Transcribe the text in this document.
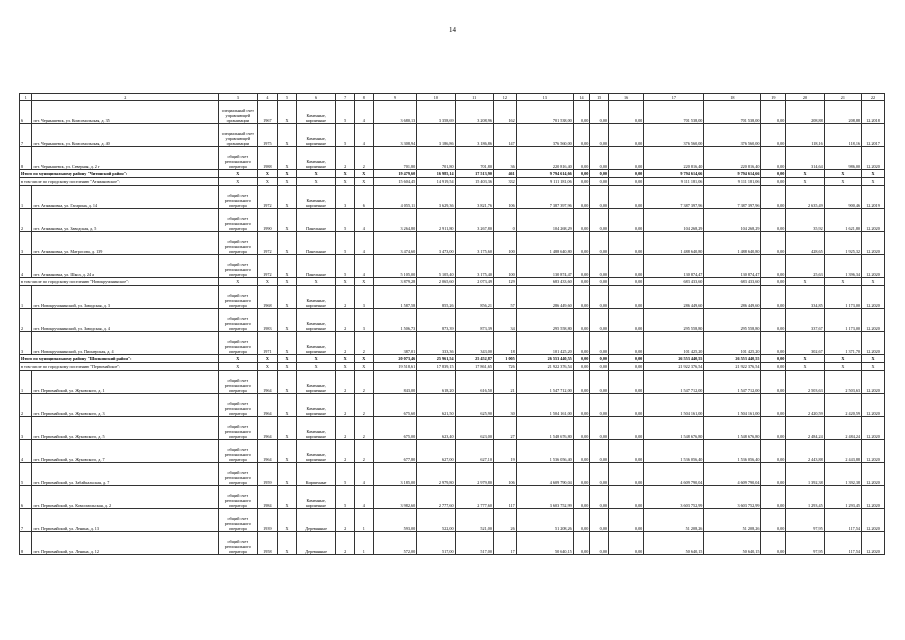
14
1	2	3	4	5	6	7	8	9	10	11	12	13	14	15	16	17	18	19	20	21	22
6	пгт. Чернышевск, ул. Комсомольская, д. 35	специальный счет управляющей организации	1967	Х	Каменные, кирпичные	5	4	3 680,13	3 358,69	3 208,96	162	701 538,00	0,00	0,00	0,00	701 538,00	701 538,00	0,00	208,88	208,88	12.2018
7	пгт. Чернышевск, ул. Комсомольская, д. 40	специальный счет управляющей организации	1975	Х	Каменные, кирпичные	5	4	3 308,94	3 186,86	3 186,86	147	376 560,00	0,00	0,00	0,00	376 560,00	376 560,00	0,00	118,16	118,16	12.2017
8	пгт. Чернышевск, ул. Северная, д. 2 г	общий счет регионального оператора	1988	Х	Каменные, кирпичные	2	2	701,80	701,80	701,80	36	220 816,40	0,00	0,00	0,00	220 816,40	220 816,40	0,00	314,64	986,00	12.2020
Итого по муниципальному району "Читинский район":		Х	Х	Х	Х	Х	Х	19 479,60	16 985,14	17 513,90	461	9 794 614,66	0,00	0,00	0,00	9 794 614,66	9 794 614,66	0,00	Х	Х	Х
в том числе по городскому поселению "Атамановское":		Х	Х	Х	Х	Х	Х	15 604,45	14 919,54	15 403,36	332	9 111 181,06	0,00	0,00	0,00	9 111 181,06	9 111 181,06	0,00	Х	Х	Х
1	пгт. Атамановка, ул. Гагарина, д. 14	общий счет регионального оператора	1972	Х	Каменные, кирпичные	3	6	4 055,11	3 629,36	3 821,76	106	7 387 397,96	0,00	0,00	0,00	7 387 397,96	7 387 397,96	0,00	2 635,49	900,46	12.2019
2	пгт. Атамановка, ул. Заводская, д. 5	общий счет регионального оператора	1990	Х	Панельные	5	4	3 264,80	2 911,80	3 267,80	0	104 268,29	0,00	0,00	0,00	104 268,29	104 268,29	0,00	35,92	1 621,80	12.2020
3	пгт. Атамановка, ул. Матросова, д. 139	общий счет регионального оператора	1972	Х	Панельные	5	4	3 474,60	3 473,00	3 175,60	100	1 488 640,80	0,00	0,00	0,00	1 488 640,80	1 488 640,80	0,00	428,65	1 925,32	12.2020
4	пгт. Атамановка, ул. Школ, д. 24 а	общий счет регионального оператора	1972	Х	Панельные	5	4	5 105,00	5 105,40	3 175,40	100	130 874,47	0,00	0,00	0,00	130 874,47	130 874,47	0,00	25,63	1 396,34	12.2020
в том числе по городскому поселению "Новокручининское":		Х	Х	Х	Х	Х	Х	3 879,28	2 065,60	2 073,49	129	683 433,60	0,00	0,00	0,00	683 433,60	683 433,60	0,00	Х	Х	Х
1	пгт. Новокручининский, ул. Заводская, д. 3	общий счет регионального оператора	1968	Х	Каменные, кирпичные	2	3	1 587,58	855,26	856,21	57	286 449,60	0,00	0,00	0,00	286 449,60	286 449,60	0,00	334,85	1 173,00	12.2020
2	пгт. Новокручининский, ул. Заводская, д. 4	общий счет регионального оператора	1983	Х	Каменные, кирпичные	2	3	1 506,73	873,39	873,39	34	295 558,80	0,00	0,00	0,00	295 558,80	295 558,80	0,00	337,67	1 173,00	12.2020
3	пгт. Новокручининский, ул. Пионерская, д. 4	общий счет регионального оператора	1971	Х	Каменные, кирпичные	2	2	387,01	333,36	343,00	18	101 425,20	0,00	0,00	0,00	101 425,20	101 425,20	0,00	302,67	1 371,70	12.2020
Итого по муниципальному району "Шилкинский район":		Х	Х	Х	Х	Х	Х	20 073,46	25 961,54	25 452,87	1 005	26 553 440,55	0,00	0,00	0,00	26 553 440,55	26 553 440,55	0,00	Х	Х	Х
в том числе по городскому поселению "Первомайское":		Х	Х	Х	Х	Х	Х	19 518,61	17 839,15	17 861,65	726	21 922 376,54	0,00	0,00	0,00	21 922 376,54	21 922 376,54	0,00	Х	Х	Х
1	пгт. Первомайский, ул. Жуковского, д. 1	общий счет регионального оператора	1964	Х	Каменные, кирпичные	2	2	843,00	618,20	616,50	21	1 547 712,00	0,00	0,00	0,00	1 547 712,00	1 547 712,00	0,00	2 503,63	2 503,63	12.2020
2	пгт. Первомайский, ул. Жуковского, д. 3	общий счет регионального оператора	1964	Х	Каменные, кирпичные	2	2	675,60	621,50	625,90	30	1 504 161,00	0,00	0,00	0,00	1 504 161,00	1 504 161,00	0,00	2 420,59	2 420,59	12.2020
3	пгт. Первомайский, ул. Жуковского, д. 5	общий счет регионального оператора	1964	Х	Каменные, кирпичные	2	2	675,00	623,40	623,00	27	1 548 676,80	0,00	0,00	0,00	1 548 676,80	1 548 676,80	0,00	2 484,24	2 484,24	12.2020
4	пгт. Первомайский, ул. Жуковского, д. 7	общий счет регионального оператора	1964	Х	Каменные, кирпичные	2	2	677,80	627,00	627,10	19	1 536 056,40	0,00	0,00	0,00	1 536 056,40	1 536 056,40	0,00	2 443,88	2 443,88	12.2020
5	пгт. Первомайский, ул. Забайкальская, д. 7	общий счет регионального оператора	1959	Х	Кирпичные	5	4	3 185,00	2 979,80	2 979,80	106	4 609 790,04	0,00	0,00	0,00	4 609 790,04	4 609 790,04	0,00	1 392,38	1 392,38	12.2020
6	пгт. Первомайский, ул. Комсомольская, д. 2	общий счет регионального оператора	1984	Х	Каменные, кирпичные	5	4	3 982,60	2 777,60	2 777,60	117	3 603 752,99	0,00	0,00	0,00	3 603 752,99	3 603 752,99	0,00	1 293,45	1 293,45	12.2020
7	пгт. Первомайский, ул. Ленина, д. 13	общий счет регионального оператора	1939	Х	Деревянные	2	1	593,00	522,00	521,00	26	51 208,26	0,00	0,00	0,00	51 208,26	51 208,26	0,00	97,95	117,54	12.2020
8	пгт. Первомайский, ул. Ленина, д. 12	общий счет регионального оператора	1958	Х	Деревянные	2	1	572,00	517,00	517,00	17	50 640,15	0,00	0,00	0,00	50 640,15	50 640,15	0,00	97,95	117,54	12.2020
